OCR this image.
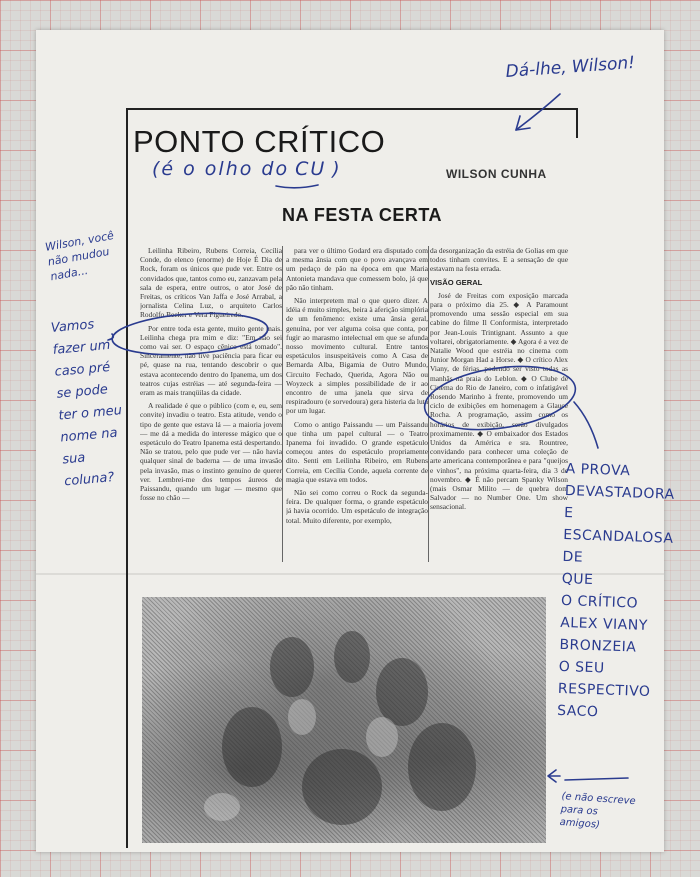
PONTO CRÍTICO
WILSON CUNHA
NA FESTA CERTA

Leilinha Ribeiro, Rubens Correia, Cecília Conde, do elenco (enorme) de Hoje É Dia de Rock, foram os únicos que pude ver. Entre os convidados que, tantos como eu, zanzavam pela sala de espera, entre outros, o ator José de Freitas, os críticos Van Jaffa e José Arrabal, a jornalista Celina Luz, o arquiteto Carlos Rodolfo Becker e Vera Figueiredo.

Por entre toda esta gente, muito gente mais. Leilinha chega pra mim e diz: "Em não sei como vai ser. O espaço cênico está tomado". Sinceramente, não tive paciência para ficar eu pé, quase na rua, tentando descobrir o que estava acontecendo dentro do Ipanema, um dos teatros cujas estréias — até segunda-feira — eram as mais tranqüilas da cidade.

A realidade é que o público (com e, eu, sem convite) invadiu o teatro. Esta atitude, vendo o tipo de gente que estava lá — a maioria jovem — me dá a medida do interesse mágico que o espetáculo do Teatro Ipanema está despertando. Não se tratou, pelo que pude ver — não havia qualquer sinal de baderna — de uma invasão pela invasão, mas o instinto genuíno de querer ver. Lembrei-me dos tempos áureos de Paissandu, quando um lugar — mesmo que fosse no chão —

para ver o último Godard era disputado com a mesma ânsia com que o povo avançava em um pedaço de pão na época em que Maria Antonieta mandava que comessem bolo, já que pão não tinham.

Não interpretem mal o que quero dizer. A idéia é muito simples, beira à aferição simplória de um fenômeno: existe uma ânsia geral, genuína, por ver alguma coisa que conta, por fugir ao marasmo intelectual em que se afunda nosso movimento cultural. Entre tantos espetáculos insuspeitáveis como A Casa de Bernarda Alba, Bigamia de Outro Mundo, Circuito Fechado, Querida, Agora Não ou Woyzeck a simples possibilidade de ir ao encontro de uma janela que sirva de respiradouro (e sorvedoura) gera histeria da luta por um lugar.

Como o antigo Paissandu — um Paissandu que tinha um papel cultural — o Teatro Ipanema foi invadido. O grande espetáculo começou antes do espetáculo propriamente dito. Senti em Leilinha Ribeiro, em Rubens Correia, em Cecília Conde, aquela corrente de magia que estava em todos.

Não sei como correu o Rock da segunda-feira. De qualquer forma, o grande espetáculo já havia ocorrido. Um espetáculo de integração total. Muito diferente, por exemplo,

da desorganização da estréia de Golias em que todos tinham convites. E a sensação de que estavam na festa errada.

VISÃO GERAL

José de Freitas com exposição marcada para o próximo dia 25. ◆ A Paramount promovendo uma sessão especial em sua cabine do filme Il Conformista, interpretado por Jean-Louis Trintignant. Assunto a que voltarei, obrigatoriamente. ◆ Agora é a vez de Natalie Wood que estréia no cinema com Junior Morgan Had a Horse. ◆ O crítico Alex Viany, de férias, podendo ser visto todas as manhãs na praia do Leblon. ◆ O Clube de Cinema do Rio de Janeiro, com o infatigável Rosendo Marinho à frente, promovendo um ciclo de exibições em homenagem a Glauce Rocha. A programação, assim como os horários de exibição, serão divulgados proximamente. ◆ O embaixador dos Estados Unidos da América e sra. Rountree, convidando para conhecer uma coleção de arte americana contemporânea e para "queijos e vinhos", na próxima quarta-feira, dia 3 de novembro. ◆ É não percam Spanky Wilson (mais Osmar Milito — de quebra dom Salvador — no Number One. Um show sensacional.

(é o olho do CU )
Dá-lhe, Wilson!
Wilson, você
não mudou
nada...
Vamos
fazer um
caso pré
se pode
ter o meu
nome na
sua
coluna?	A PROVA
DEVASTADORA
E
ESCANDALOSA
DE
QUE
O CRÍTICO
ALEX VIANY
BRONZEIA
O SEU
RESPECTIVO
SACO
(e não escreve
para os
amigos)
